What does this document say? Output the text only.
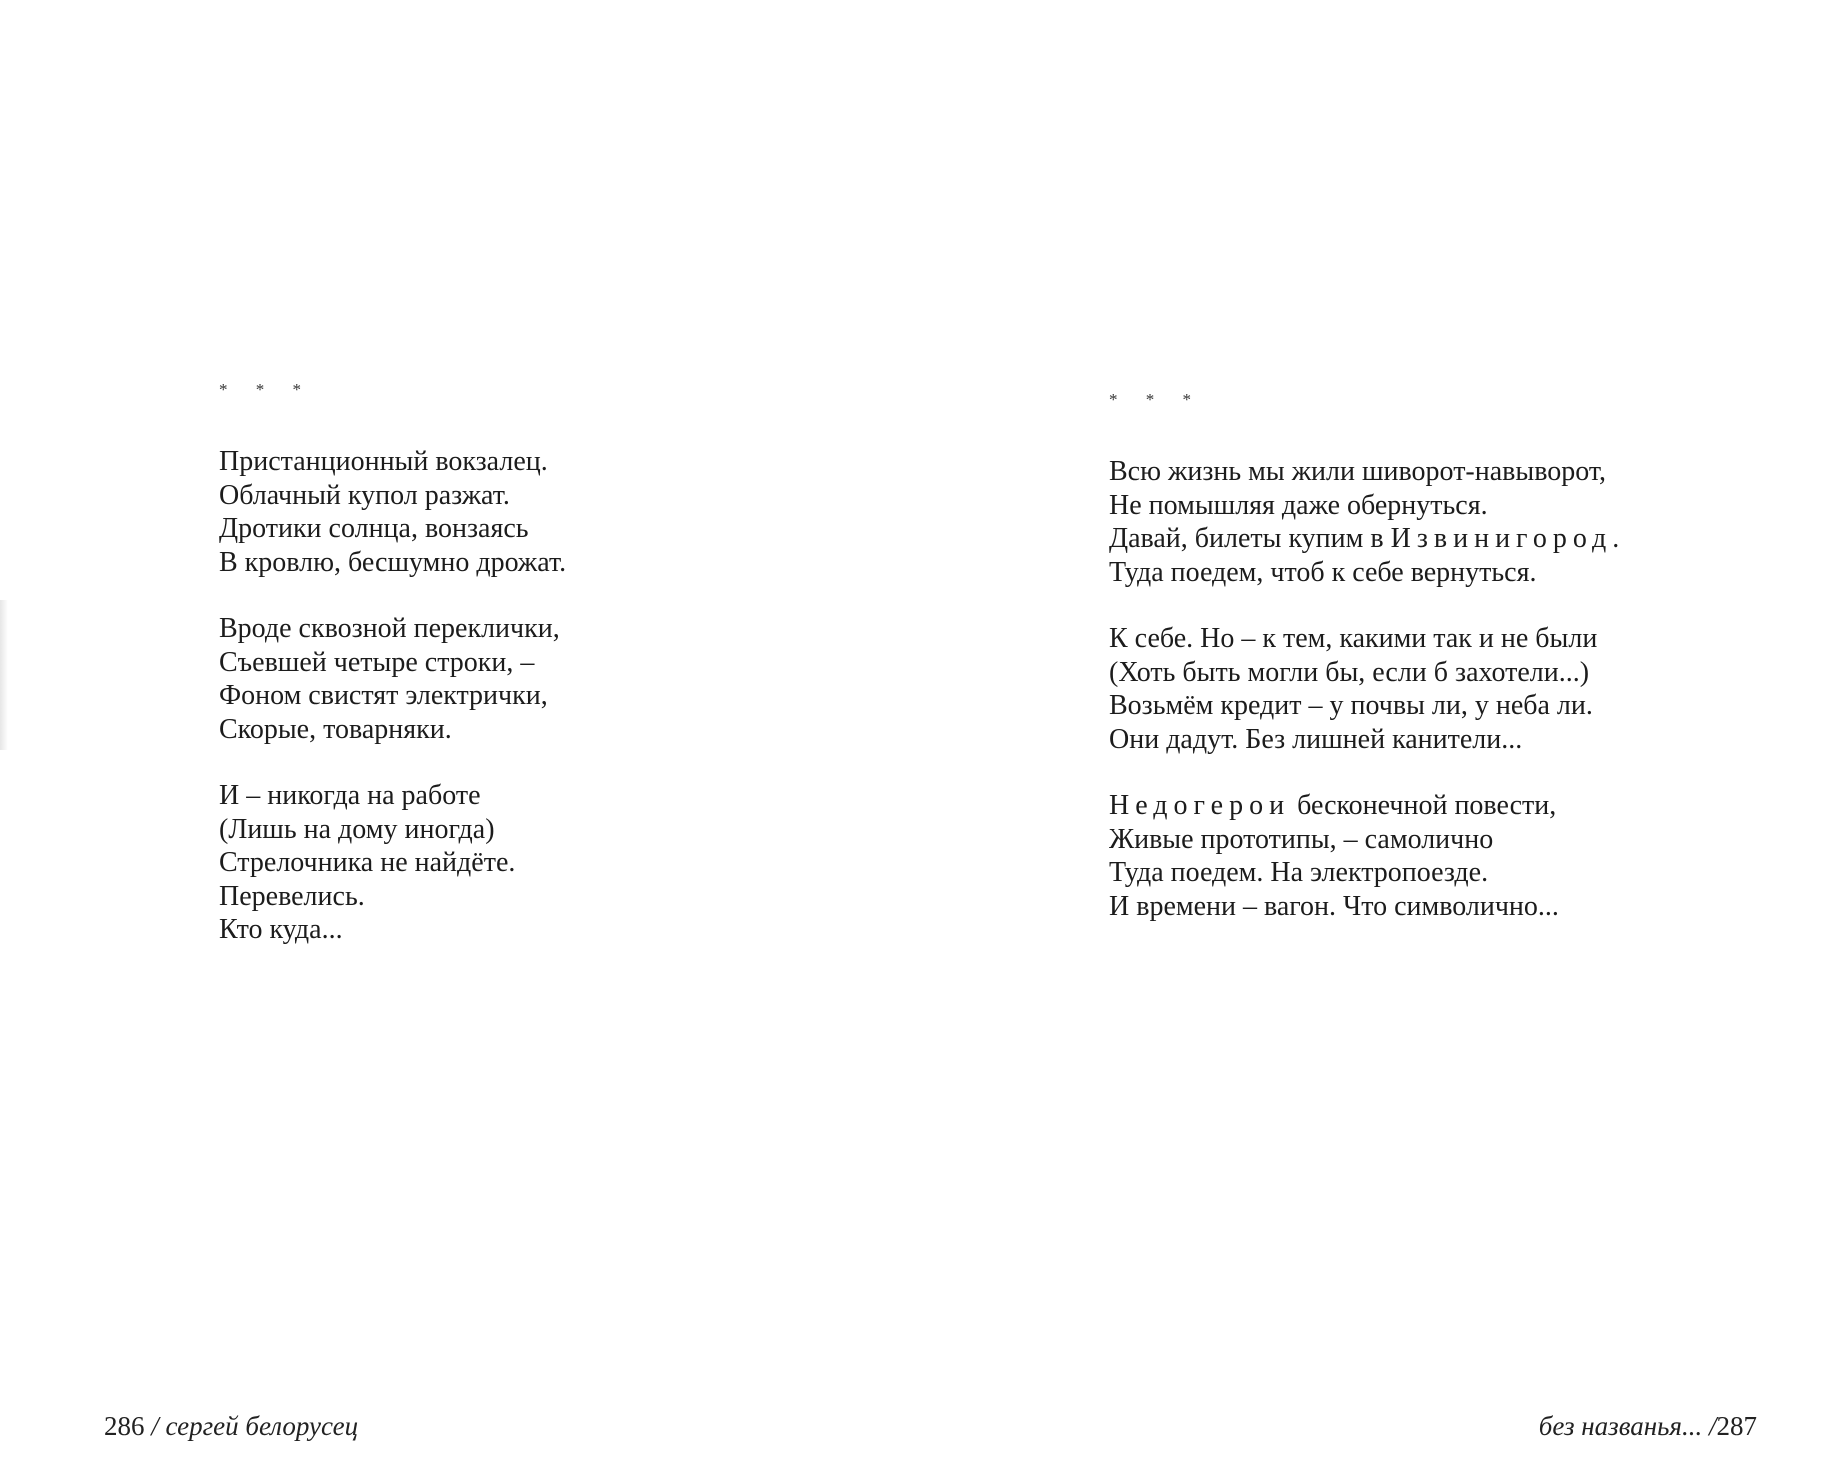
* * *
Пристанционный вокзалец.
Облачный купол разжат.
Дротики солнца, вонзаясь
В кровлю, бесшумно дрожат.
Вроде сквозной переклички,
Съевшей четыре строки, –
Фоном свистят электрички,
Скорые, товарняки.
И – никогда на работе
(Лишь на дому иногда)
Стрелочника не найдёте.
Перевелись.
Кто куда...
286 / сергей белорусец
* * *
Всю жизнь мы жили шиворот-навыворот,
Не помышляя даже обернуться.
Давай, билеты купим в Извинигород.
Туда поедем, чтоб к себе вернуться.
К себе. Но – к тем, какими так и не были
(Хоть быть могли бы, если б захотели...)
Возьмём кредит – у почвы ли, у неба ли.
Они дадут. Без лишней канители...
Недогерои бесконечной повести,
Живые прототипы, – самолично
Туда поедем. На электропоезде.
И времени – вагон. Что символично...
без названья... /287
